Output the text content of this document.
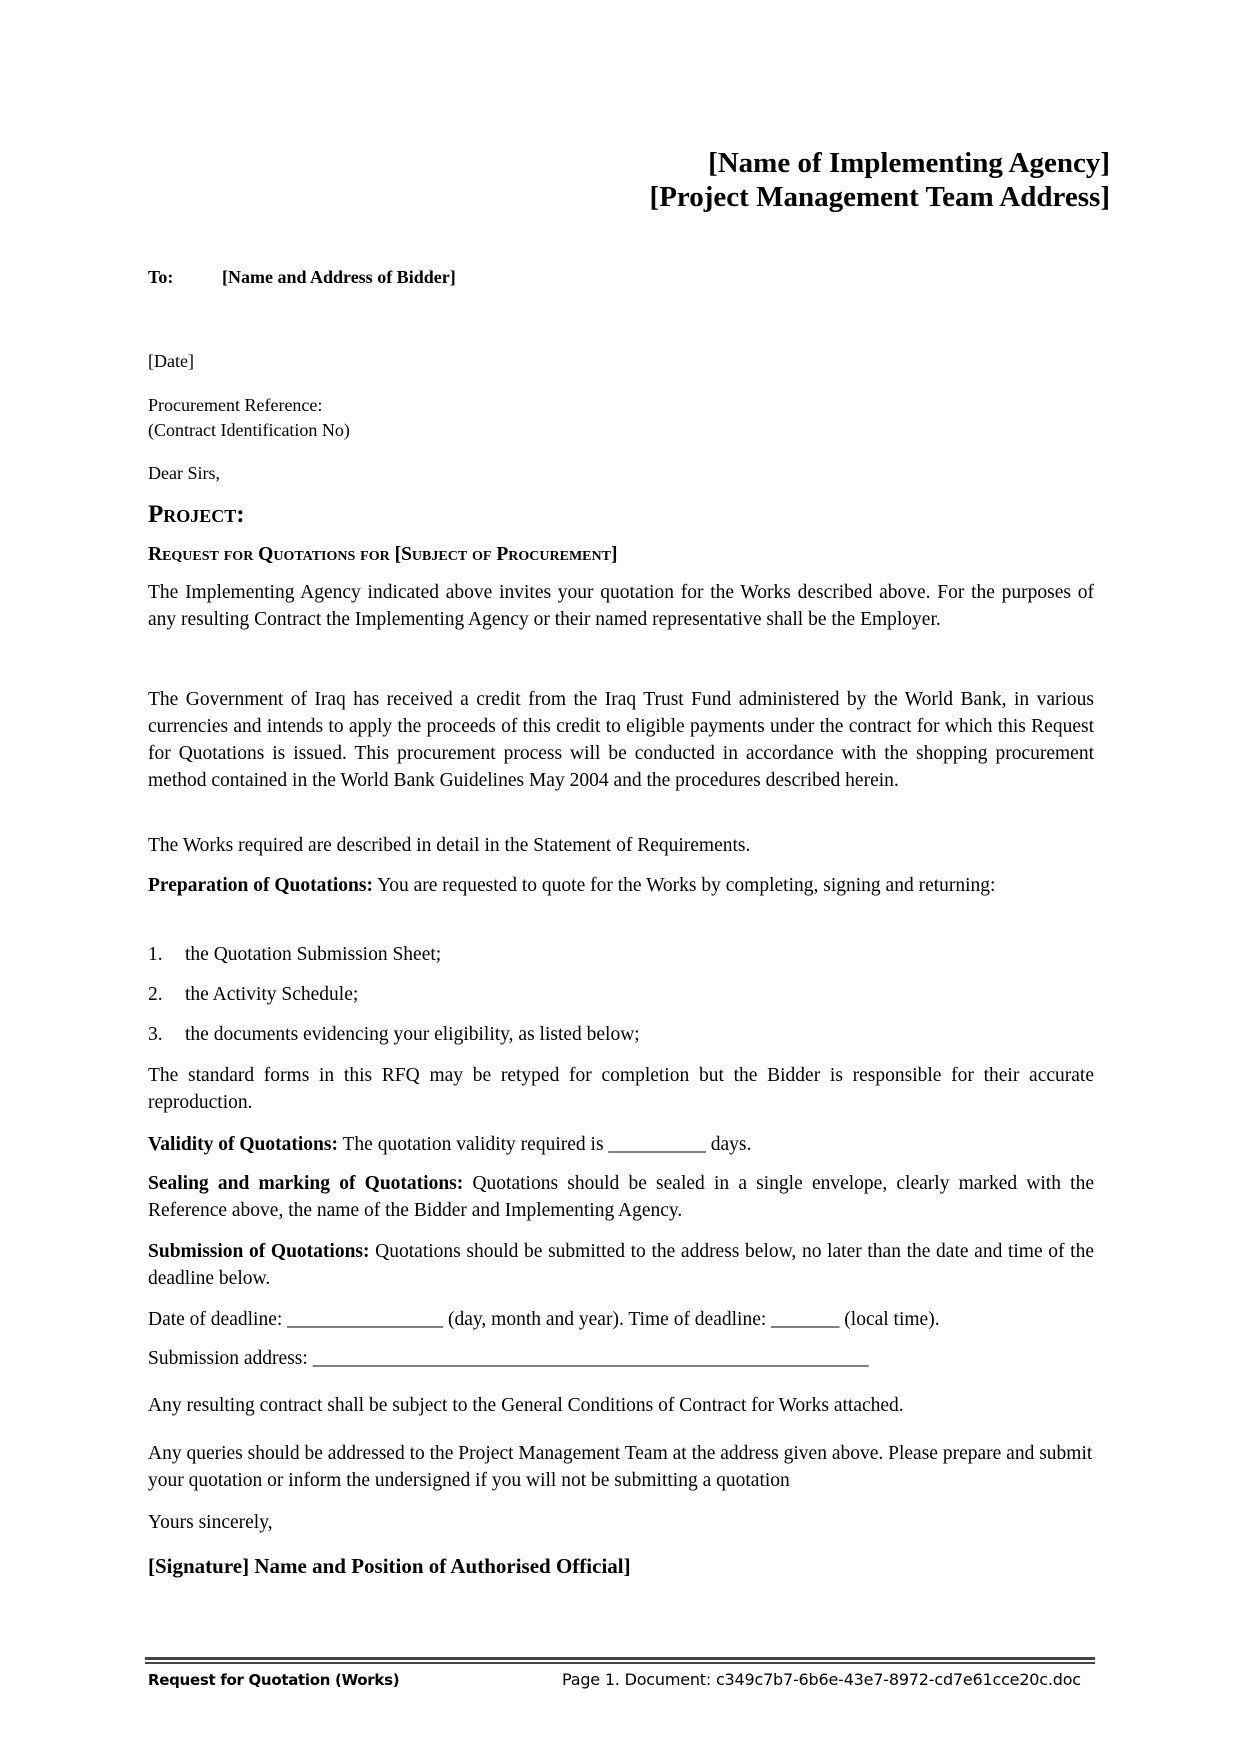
[Name of Implementing Agency]
[Project Management Team Address]
To:	[Name and Address of Bidder]
[Date]
Procurement Reference:
(Contract Identification No)
Dear Sirs,
Project:
Request for Quotations for [Subject of Procurement]
The Implementing Agency indicated above invites your quotation for the Works described above. For the purposes of any resulting Contract the Implementing Agency or their named representative shall be the Employer.
The Government of Iraq has received a credit from the Iraq Trust Fund administered by the World Bank, in various currencies and intends to apply the proceeds of this credit to eligible payments under the contract for which this Request for Quotations is issued. This procurement process will be conducted in accordance with the shopping procurement method contained in the World Bank Guidelines May 2004 and the procedures described herein.
The Works required are described in detail in the Statement of Requirements.
Preparation of Quotations: You are requested to quote for the Works by completing, signing and returning:
1. the Quotation Submission Sheet;
2. the Activity Schedule;
3. the documents evidencing your eligibility, as listed below;
The standard forms in this RFQ may be retyped for completion but the Bidder is responsible for their accurate reproduction.
Validity of Quotations: The quotation validity required is __________ days.
Sealing and marking of Quotations: Quotations should be sealed in a single envelope, clearly marked with the Reference above, the name of the Bidder and Implementing Agency.
Submission of Quotations: Quotations should be submitted to the address below, no later than the date and time of the deadline below.
Date of deadline: ________________ (day, month and year). Time of deadline: _______ (local time).
Submission address: _________________________________________________________
Any resulting contract shall be subject to the General Conditions of Contract for Works attached.
Any queries should be addressed to the Project Management Team at the address given above. Please prepare and submit your quotation or inform the undersigned if you will not be submitting a quotation
Yours sincerely,
[Signature] Name and Position of Authorised Official]
Request for Quotation (Works)	Page 1. Document: c349c7b7-6b6e-43e7-8972-cd7e61cce20c.doc
